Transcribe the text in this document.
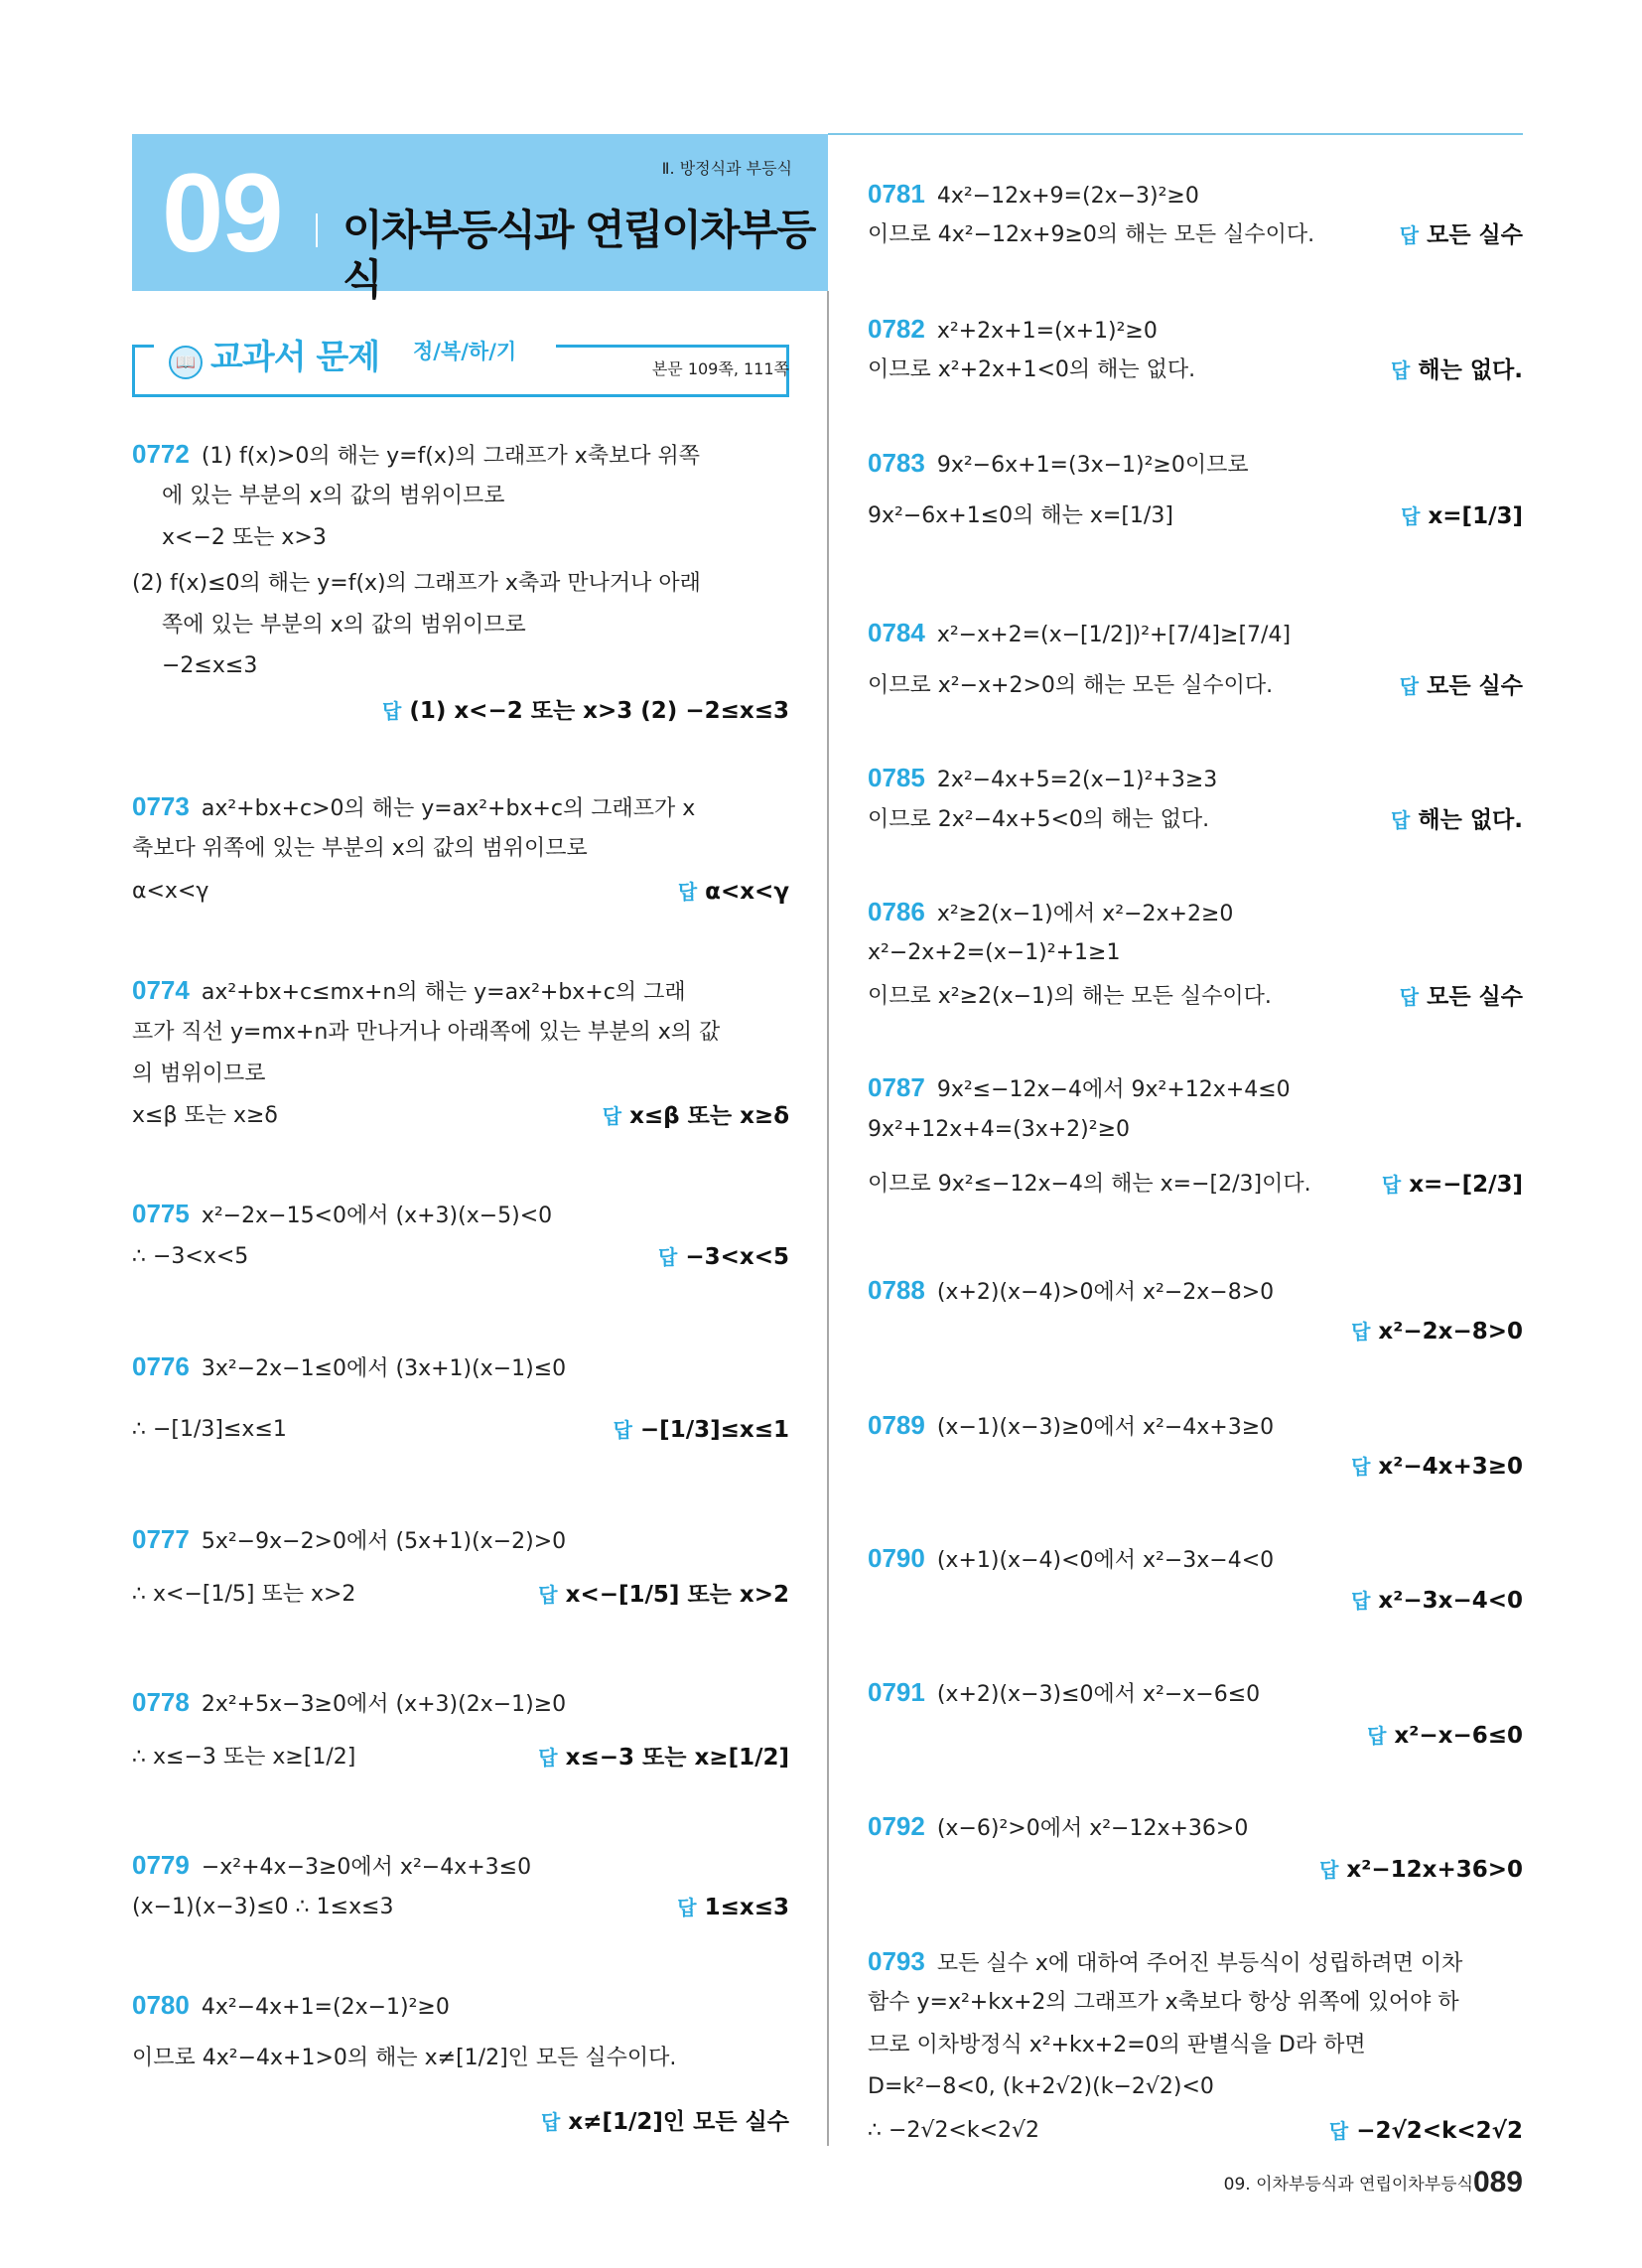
Ⅱ. 방정식과 부등식
09 이차부등식과 연립이차부등식
📖 교과서 문제 정/복/하/기
본문 109쪽, 111쪽
0772 (1) f(x)>0의 해는 y=f(x)의 그래프가 x축보다 위쪽
에 있는 부분의 x의 값의 범위이므로
x<−2 또는 x>3
(2) f(x)≤0의 해는 y=f(x)의 그래프가 x축과 만나거나 아래
쪽에 있는 부분의 x의 값의 범위이므로
−2≤x≤3
답 (1) x<−2 또는 x>3 (2) −2≤x≤3
0773 ax²+bx+c>0의 해는 y=ax²+bx+c의 그래프가 x
축보다 위쪽에 있는 부분의 x의 값의 범위이므로
α<x<γ	답 α<x<γ
0774 ax²+bx+c≤mx+n의 해는 y=ax²+bx+c의 그래
프가 직선 y=mx+n과 만나거나 아래쪽에 있는 부분의 x의 값
의 범위이므로
x≤β 또는 x≥δ	답 x≤β 또는 x≥δ
0775 x²−2x−15<0에서 (x+3)(x−5)<0
∴ −3<x<5	답 −3<x<5
0776 3x²−2x−1≤0에서 (3x+1)(x−1)≤0
∴ −[1/3]≤x≤1	답 −[1/3]≤x≤1
0777 5x²−9x−2>0에서 (5x+1)(x−2)>0
∴ x<−[1/5] 또는 x>2	답 x<−[1/5] 또는 x>2
0778 2x²+5x−3≥0에서 (x+3)(2x−1)≥0
∴ x≤−3 또는 x≥[1/2]	답 x≤−3 또는 x≥[1/2]
0779 −x²+4x−3≥0에서 x²−4x+3≤0
(x−1)(x−3)≤0 ∴ 1≤x≤3	답 1≤x≤3
0780 4x²−4x+1=(2x−1)²≥0
이므로 4x²−4x+1>0의 해는 x≠[1/2]인 모든 실수이다.
답 x≠[1/2]인 모든 실수
0781 4x²−12x+9=(2x−3)²≥0
이므로 4x²−12x+9≥0의 해는 모든 실수이다.	답 모든 실수
0782 x²+2x+1=(x+1)²≥0
이므로 x²+2x+1<0의 해는 없다.	답 해는 없다.
0783 9x²−6x+1=(3x−1)²≥0이므로
9x²−6x+1≤0의 해는 x=[1/3]	답 x=[1/3]
0784 x²−x+2=(x−[1/2])²+[7/4]≥[7/4]
이므로 x²−x+2>0의 해는 모든 실수이다.	답 모든 실수
0785 2x²−4x+5=2(x−1)²+3≥3
이므로 2x²−4x+5<0의 해는 없다.	답 해는 없다.
0786 x²≥2(x−1)에서 x²−2x+2≥0
x²−2x+2=(x−1)²+1≥1
이므로 x²≥2(x−1)의 해는 모든 실수이다.	답 모든 실수
0787 9x²≤−12x−4에서 9x²+12x+4≤0
9x²+12x+4=(3x+2)²≥0
이므로 9x²≤−12x−4의 해는 x=−[2/3]이다.	답 x=−[2/3]
0788 (x+2)(x−4)>0에서 x²−2x−8>0
답 x²−2x−8>0
0789 (x−1)(x−3)≥0에서 x²−4x+3≥0
답 x²−4x+3≥0
0790 (x+1)(x−4)<0에서 x²−3x−4<0
답 x²−3x−4<0
0791 (x+2)(x−3)≤0에서 x²−x−6≤0
답 x²−x−6≤0
0792 (x−6)²>0에서 x²−12x+36>0
답 x²−12x+36>0
0793 모든 실수 x에 대하여 주어진 부등식이 성립하려면 이차
함수 y=x²+kx+2의 그래프가 x축보다 항상 위쪽에 있어야 하
므로 이차방정식 x²+kx+2=0의 판별식을 D라 하면
D=k²−8<0, (k+2√2)(k−2√2)<0
∴ −2√2<k<2√2	답 −2√2<k<2√2
09. 이차부등식과 연립이차부등식 089
